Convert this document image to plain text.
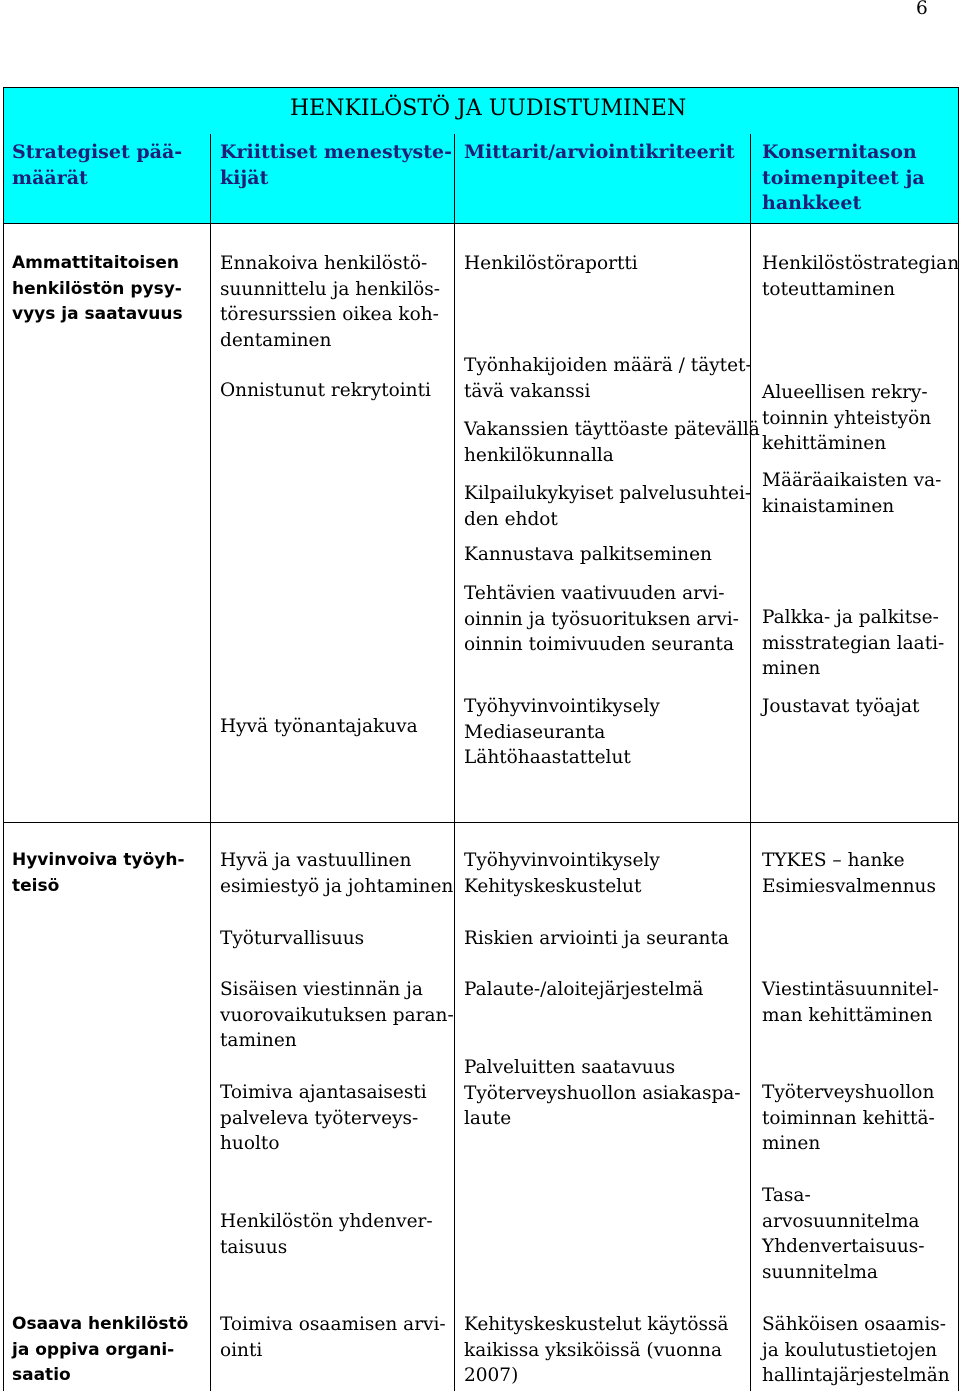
6
HENKILÖSTÖ JA UUDISTUMINEN
Strategiset pää-
määrät
Kriittiset menestyste-
kijät
Mittarit/arviointikriteerit Konsernitason
toimenpiteet ja
hankkeet
Ammattitaitoisen
henkilöstön pysy-
vyys ja saatavuus
Ennakoiva henkilöstö-
suunnittelu ja henkilös-
töresurssien oikea koh-
dentaminen
Onnistunut rekrytointi
Hyvä työnantajakuva
Henkilöstöraportti
Työnhakijoiden määrä / täytet-
tävä vakanssi
Vakanssien täyttöaste pätevällä
henkilökunnalla
Kilpailukykyiset palvelusuhtei-
den ehdot
Kannustava palkitseminen
Tehtävien vaativuuden arvi-
oinnin ja työsuorituksen arvi-
oinnin toimivuuden seuranta
Työhyvinvointikysely
Mediaseuranta
Lähtöhaastattelut
Henkilöstöstrategian
toteuttaminen
Alueellisen rekry-
toinnin yhteistyön
kehittäminen
Määräaikaisten va-
kinaistaminen
Palkka- ja palkitse-
misstrategian laati-
minen
Joustavat työajat
Hyvinvoiva työyh-
teisö
Hyvä ja vastuullinen
esimiestyö ja johtaminen
Työturvallisuus
Sisäisen viestinnän ja
vuorovaikutuksen paran-
taminen
Toimiva ajantasaisesti
palveleva työterveys-
huolto
Henkilöstön yhdenver-
taisuus
Työhyvinvointikysely
Kehityskeskustelut
Riskien arviointi ja seuranta
Palaute-/aloitejärjestelmä
Palveluitten saatavuus
Työterveyshuollon asiakaspa-
laute
TYKES – hanke
Esimiesvalmennus
Viestintäsuunnitel-
man kehittäminen
Työterveyshuollon
toiminnan kehittä-
minen
Tasa-
arvosuunnitelma
Yhdenvertaisuus-
suunnitelma
Osaava henkilöstö
ja oppiva organi-
saatio
Toimiva osaamisen arvi-
ointi
Kehityskeskustelut käytössä
kaikissa yksiköissä (vuonna
2007)
Sähköisen osaamis-
ja koulutustietojen
hallintajärjestelmän
